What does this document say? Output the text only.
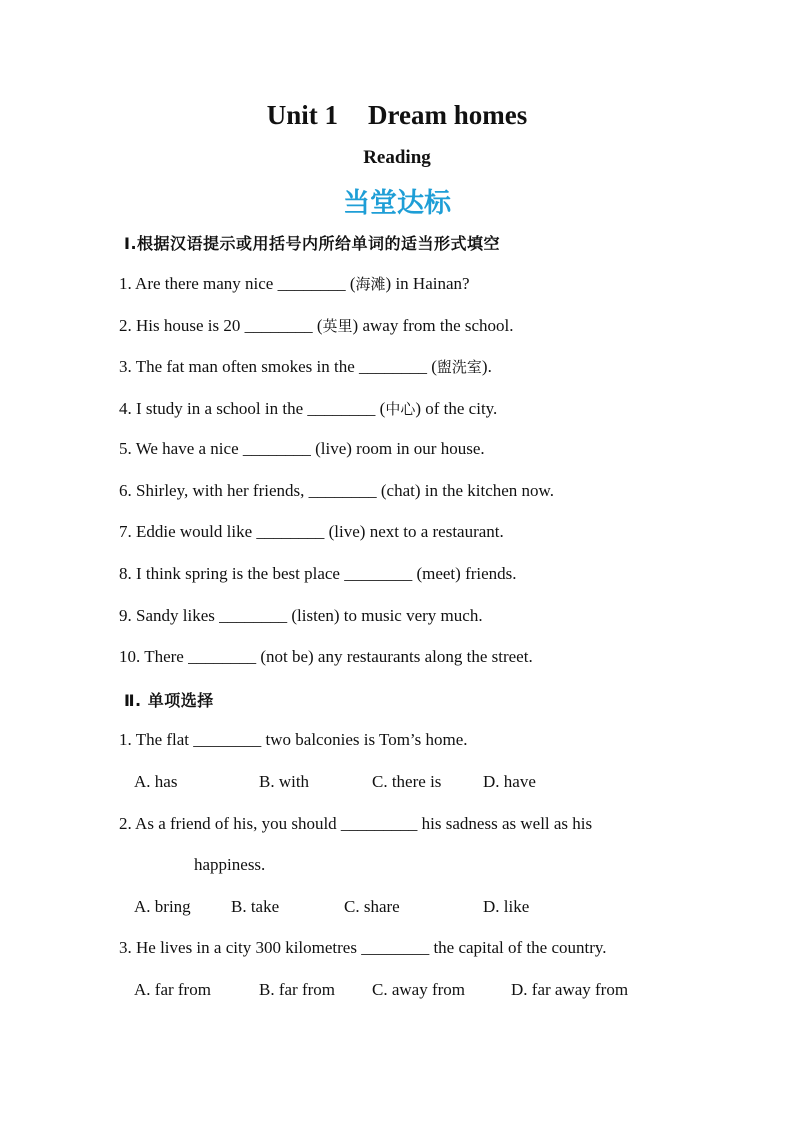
Unit 1 Dream homes
Reading
当堂达标
Ⅰ.根据汉语提示或用括号内所给单词的适当形式填空
1. Are there many nice ________ (海滩) in Hainan?
2. His house is 20 ________ (英里) away from the school.
3. The fat man often smokes in the ________ (盥洗室).
4. I study in a school in the ________ (中心) of the city.
5. We have a nice ________ (live) room in our house.
6. Shirley, with her friends, ________ (chat) in the kitchen now.
7. Eddie would like ________ (live) next to a restaurant.
8. I think spring is the best place ________ (meet) friends.
9. Sandy likes ________ (listen) to music very much.
10. There ________ (not be) any restaurants along the street.
Ⅱ. 单项选择
1. The flat ________ two balconies is Tom’s home.
A. has	B. with	C. there is D. have
2. As a friend of his, you should _________ his sadness as well as his
happiness.
A. bring B. take	C. share	D. like
3. He lives in a city 300 kilometres ________ the capital of the country.
A. far from	B. far from C. away from	D. far away from
